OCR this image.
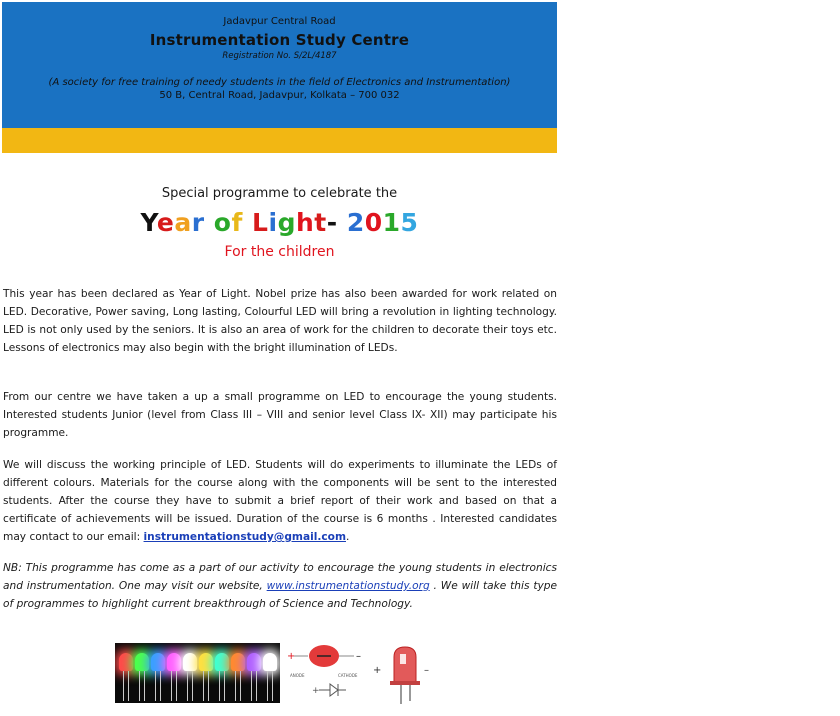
Jadavpur Central Road
Instrumentation Study Centre
Registration No. S/2L/4187
(A society for free training of needy students in the field of Electronics and Instrumentation)
50 B, Central Road, Jadavpur, Kolkata – 700 032
Special programme to celebrate the
Year of Light- 2015
For the children
This year has been declared as Year of Light. Nobel prize has also been awarded for work related on LED. Decorative, Power saving, Long lasting, Colourful LED will bring a revolution in lighting technology. LED is not only used by the seniors. It is also an area of work for the children to decorate their toys etc. Lessons of electronics may also begin with the bright illumination of LEDs.
From our centre we have taken a up a small programme on LED to encourage the young students. Interested students Junior (level from Class III – VIII and senior level Class IX- XII) may participate his programme.
We will discuss the working principle of LED. Students will do experiments to illuminate the LEDs of different colours. Materials for the course along with the components will be sent to the interested students. After the course they have to submit a brief report of their work and based on that a certificate of achievements will be issued. Duration of the course is 6 months . Interested candidates may contact to our email: instrumentationstudy@gmail.com.
NB: This programme has come as a part of our activity to encourage the young students in electronics and instrumentation. One may visit our website, www.instrumentationstudy.org . We will take this type of programmes to highlight current breakthrough of Science and Technology.
+	–
ANODE	CATHODE
+
+	–
